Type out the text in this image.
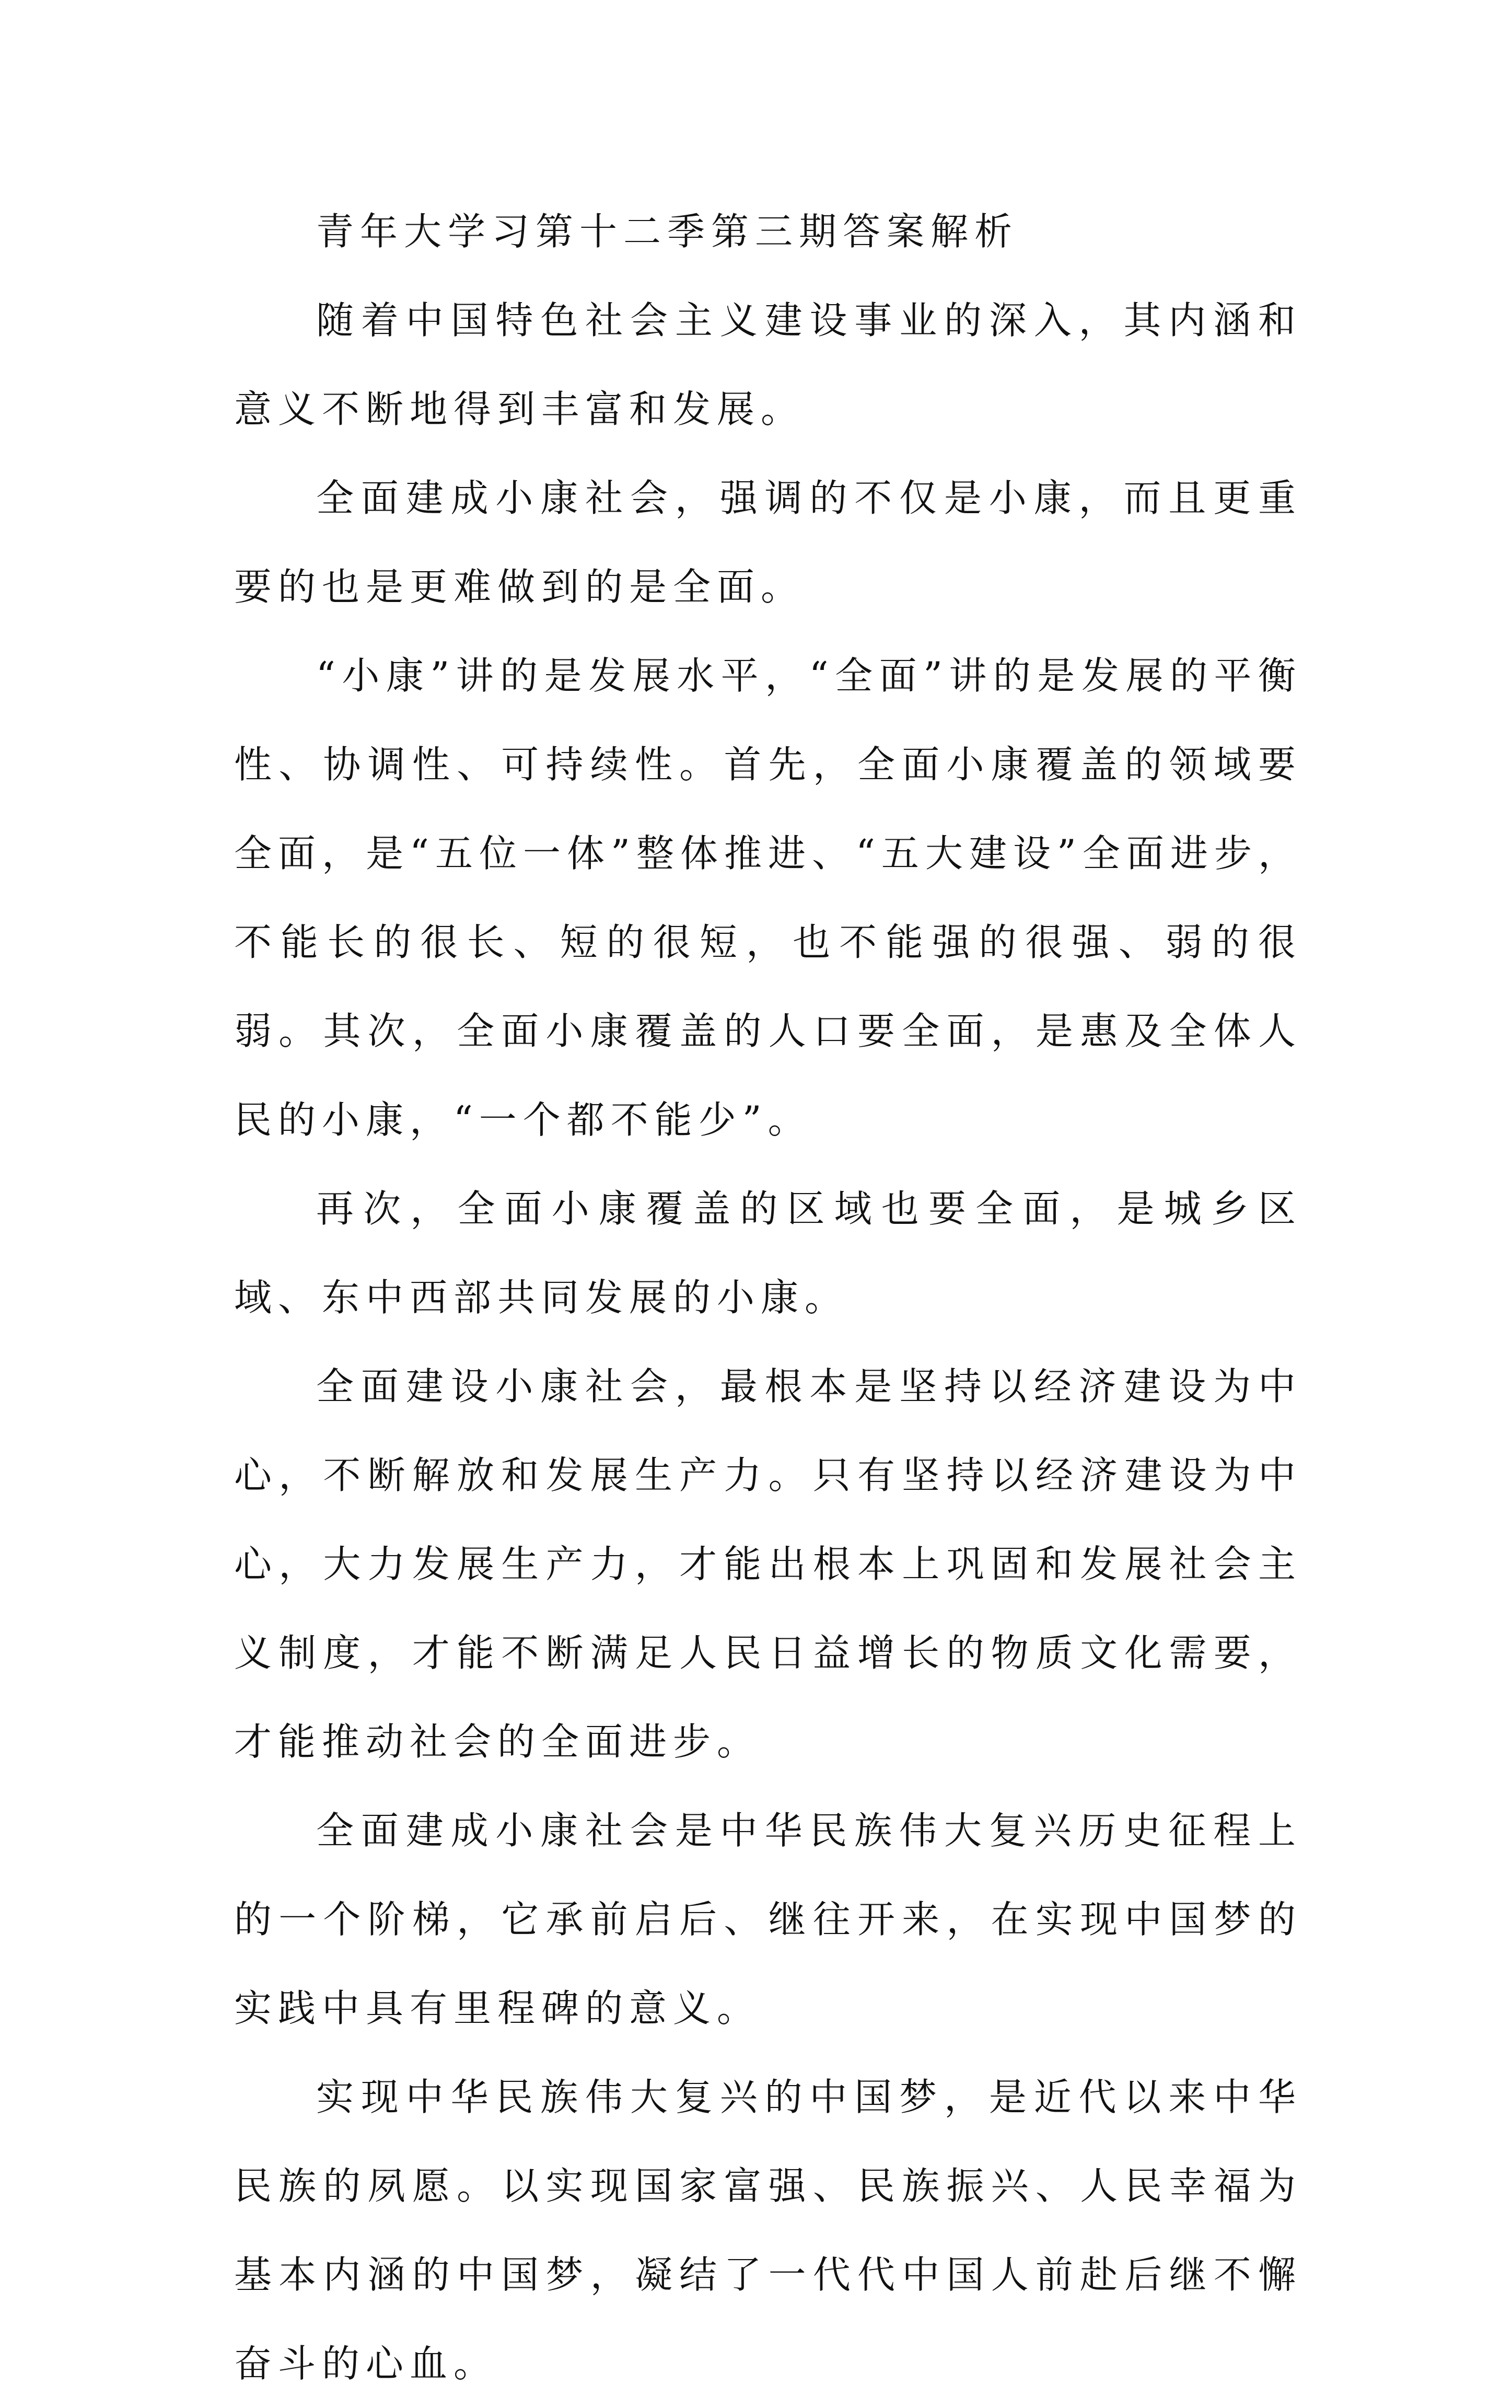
青年大学习第十二季第三期答案解析

随着中国特色社会主义建设事业的深入，其内涵和意义不断地得到丰富和发展。

全面建成小康社会，强调的不仅是小康，而且更重要的也是更难做到的是全面。

“小康”讲的是发展水平，“全面”讲的是发展的平衡性、协调性、可持续性。首先，全面小康覆盖的领域要全面，是“五位一体”整体推进、“五大建设”全面进步，不能长的很长、短的很短，也不能强的很强、弱的很弱。其次，全面小康覆盖的人口要全面，是惠及全体人民的小康，“一个都不能少”。

再次，全面小康覆盖的区域也要全面，是城乡区域、东中西部共同发展的小康。

全面建设小康社会，最根本是坚持以经济建设为中心，不断解放和发展生产力。只有坚持以经济建设为中心，大力发展生产力，才能出根本上巩固和发展社会主义制度，才能不断满足人民日益增长的物质文化需要，才能推动社会的全面进步。

全面建成小康社会是中华民族伟大复兴历史征程上的一个阶梯，它承前启后、继往开来，在实现中国梦的实践中具有里程碑的意义。

实现中华民族伟大复兴的中国梦，是近代以来中华民族的夙愿。以实现国家富强、民族振兴、人民幸福为基本内涵的中国梦，凝结了一代代中国人前赴后继不懈奋斗的心血。
